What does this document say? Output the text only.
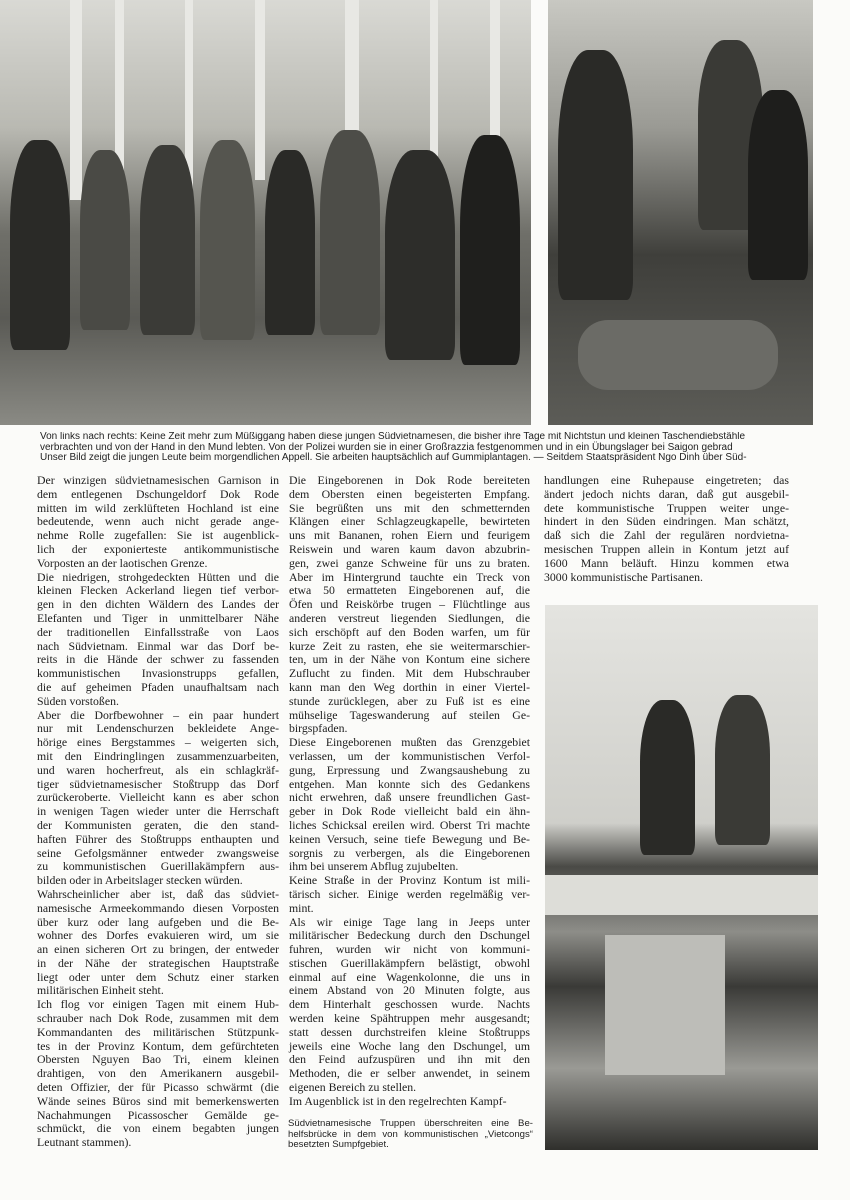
Von links nach rechts: Keine Zeit mehr zum Müßiggang haben diese jungen Südvietnamesen, die bisher ihre Tage mit Nichtstun und kleinen Taschendiebstähle
verbrachten und von der Hand in den Mund lebten. Von der Polizei wurden sie in einer Großrazzia festgenommen und in ein Übungslager bei Saigon gebrad
Unser Bild zeigt die jungen Leute beim morgendlichen Appell. Sie arbeiten hauptsächlich auf Gummiplantagen. — Seitdem Staatspräsident Ngo Dinh über Süd-
Der winzigen südvietnamesischen Garnison in
dem entlegenen Dschungeldorf Dok Rode
mitten im wild zerklüfteten Hochland ist eine
bedeutende, wenn auch nicht gerade ange-
nehme Rolle zugefallen: Sie ist augenblick-
lich der exponierteste antikommunistische
Vorposten an der laotischen Grenze.
Die niedrigen, strohgedeckten Hütten und die
kleinen Flecken Ackerland liegen tief verbor-
gen in den dichten Wäldern des Landes der
Elefanten und Tiger in unmittelbarer Nähe
der traditionellen Einfallsstraße von Laos
nach Südvietnam. Einmal war das Dorf be-
reits in die Hände der schwer zu fassenden
kommunistischen Invasionstrupps gefallen,
die auf geheimen Pfaden unaufhaltsam nach
Süden vorstoßen.
Aber die Dorfbewohner – ein paar hundert
nur mit Lendenschurzen bekleidete Ange-
hörige eines Bergstammes – weigerten sich,
mit den Eindringlingen zusammenzuarbeiten,
und waren hocherfreut, als ein schlagkräf-
tiger südvietnamesischer Stoßtrupp das Dorf
zurückeroberte. Vielleicht kann es aber schon
in wenigen Tagen wieder unter die Herrschaft
der Kommunisten geraten, die den stand-
haften Führer des Stoßtrupps enthaupten und
seine Gefolgsmänner entweder zwangsweise
zu kommunistischen Guerillakämpfern aus-
bilden oder in Arbeitslager stecken würden.
Wahrscheinlicher aber ist, daß das südviet-
namesische Armeekommando diesen Vorposten
über kurz oder lang aufgeben und die Be-
wohner des Dorfes evakuieren wird, um sie
an einen sicheren Ort zu bringen, der entweder
in der Nähe der strategischen Hauptstraße
liegt oder unter dem Schutz einer starken
militärischen Einheit steht.
Ich flog vor einigen Tagen mit einem Hub-
schrauber nach Dok Rode, zusammen mit dem
Kommandanten des militärischen Stützpunk-
tes in der Provinz Kontum, dem gefürchteten
Obersten Nguyen Bao Tri, einem kleinen
drahtigen, von den Amerikanern ausgebil-
deten Offizier, der für Picasso schwärmt (die
Wände seines Büros sind mit bemerkenswerten
Nachahmungen Picassoscher Gemälde ge-
schmückt, die von einem begabten jungen
Leutnant stammen).
Die Eingeborenen in Dok Rode bereiteten
dem Obersten einen begeisterten Empfang.
Sie begrüßten uns mit den schmetternden
Klängen einer Schlagzeugkapelle, bewirteten
uns mit Bananen, rohen Eiern und feurigem
Reiswein und waren kaum davon abzubrin-
gen, zwei ganze Schweine für uns zu braten.
Aber im Hintergrund tauchte ein Treck von
etwa 50 ermatteten Eingeborenen auf, die
Öfen und Reiskörbe trugen – Flüchtlinge aus
anderen verstreut liegenden Siedlungen, die
sich erschöpft auf den Boden warfen, um für
kurze Zeit zu rasten, ehe sie weitermarschier-
ten, um in der Nähe von Kontum eine sichere
Zuflucht zu finden. Mit dem Hubschrauber
kann man den Weg dorthin in einer Viertel-
stunde zurücklegen, aber zu Fuß ist es eine
mühselige Tageswanderung auf steilen Ge-
birgspfaden.
Diese Eingeborenen mußten das Grenzgebiet
verlassen, um der kommunistischen Verfol-
gung, Erpressung und Zwangsaushebung zu
entgehen. Man konnte sich des Gedankens
nicht erwehren, daß unsere freundlichen Gast-
geber in Dok Rode vielleicht bald ein ähn-
liches Schicksal ereilen wird. Oberst Tri machte
keinen Versuch, seine tiefe Bewegung und Be-
sorgnis zu verbergen, als die Eingeborenen
ihm bei unserem Abflug zujubelten.
Keine Straße in der Provinz Kontum ist mili-
tärisch sicher. Einige werden regelmäßig ver-
mint.
Als wir einige Tage lang in Jeeps unter
militärischer Bedeckung durch den Dschungel
fuhren, wurden wir nicht von kommuni-
stischen Guerillakämpfern belästigt, obwohl
einmal auf eine Wagenkolonne, die uns in
einem Abstand von 20 Minuten folgte, aus
dem Hinterhalt geschossen wurde. Nachts
werden keine Spähtruppen mehr ausgesandt;
statt dessen durchstreifen kleine Stoßtrupps
jeweils eine Woche lang den Dschungel, um
den Feind aufzuspüren und ihn mit den
Methoden, die er selber anwendet, in seinem
eigenen Bereich zu stellen.
Im Augenblick ist in den regelrechten Kampf-
handlungen eine Ruhepause eingetreten; das
ändert jedoch nichts daran, daß gut ausgebil-
dete kommunistische Truppen weiter unge-
hindert in den Süden eindringen. Man schätzt,
daß sich die Zahl der regulären nordvietna-
mesischen Truppen allein in Kontum jetzt auf
1600 Mann beläuft. Hinzu kommen etwa
3000 kommunistische Partisanen.
Südvietnamesische Truppen überschreiten eine Be-
helfsbrücke in dem von kommunistischen „Vietcongs“
besetzten Sumpfgebiet.
